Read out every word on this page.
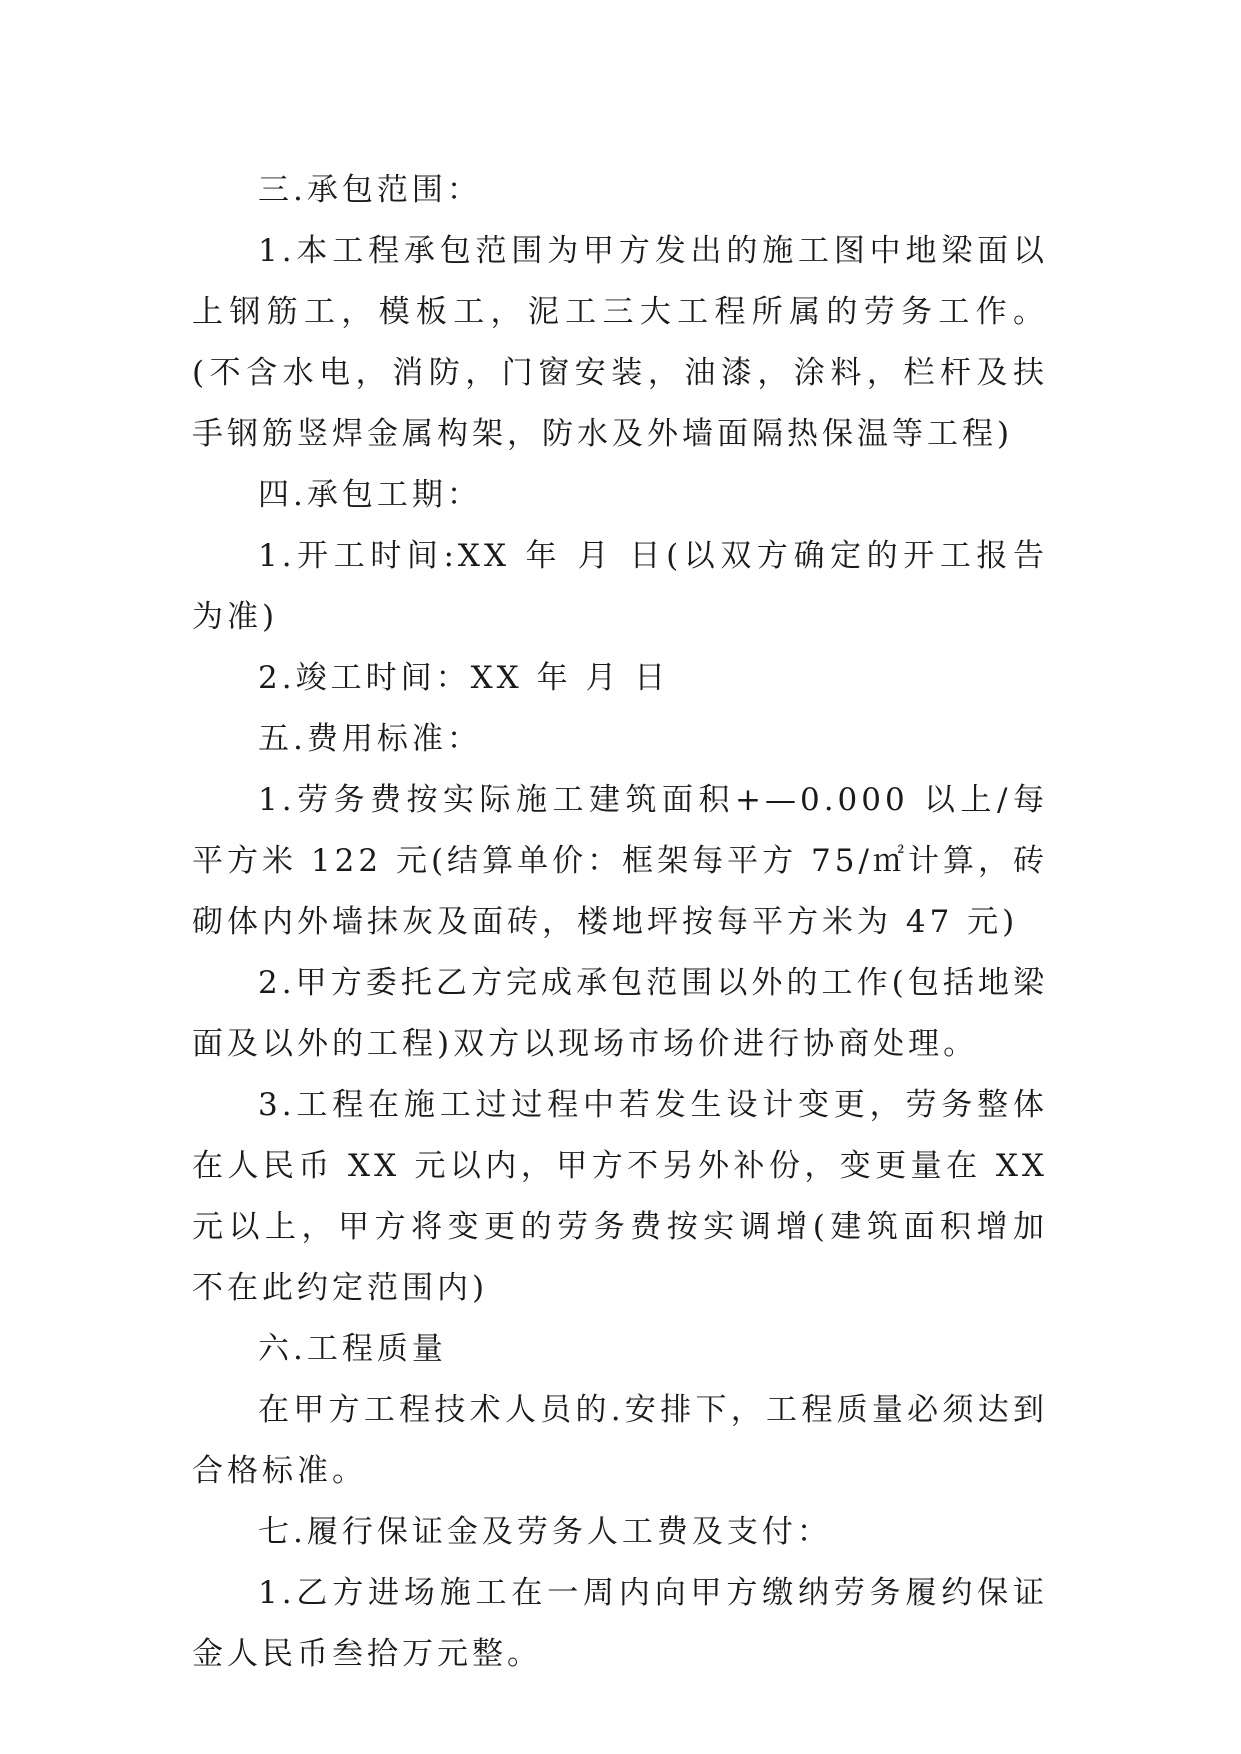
三.承包范围：

1.本工程承包范围为甲方发出的施工图中地梁面以上钢筋工，模板工，泥工三大工程所属的劳务工作。(不含水电，消防，门窗安装，油漆，涂料，栏杆及扶手钢筋竖焊金属构架，防水及外墙面隔热保温等工程)

四.承包工期：

1.开工时间:XX 年 月 日(以双方确定的开工报告为准)

2.竣工时间：XX 年 月 日

五.费用标准：

1.劳务费按实际施工建筑面积+—0.000 以上/每平方米 122 元(结算单价：框架每平方 75/㎡计算，砖砌体内外墙抹灰及面砖，楼地坪按每平方米为 47 元)

2.甲方委托乙方完成承包范围以外的工作(包括地梁面及以外的工程)双方以现场市场价进行协商处理。

3.工程在施工过过程中若发生设计变更，劳务整体在人民币 XX 元以内，甲方不另外补份，变更量在 XX 元以上，甲方将变更的劳务费按实调增(建筑面积增加不在此约定范围内)

六.工程质量

在甲方工程技术人员的.安排下，工程质量必须达到合格标准。

七.履行保证金及劳务人工费及支付：

1.乙方进场施工在一周内向甲方缴纳劳务履约保证金人民币叁拾万元整。
